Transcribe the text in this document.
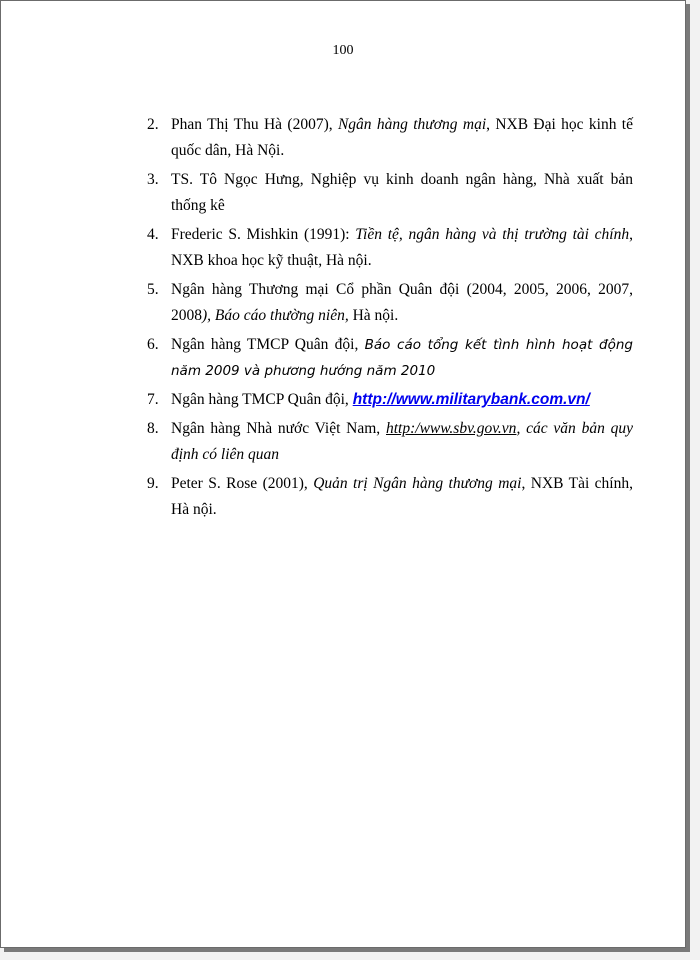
100
2. Phan Thị Thu Hà (2007), Ngân hàng thương mại, NXB Đại học kinh tế quốc dân, Hà Nội.
3. TS. Tô Ngọc Hưng, Nghiệp vụ kinh doanh ngân hàng, Nhà xuất bản thống kê
4. Frederic S. Mishkin (1991): Tiền tệ, ngân hàng và thị trường tài chính, NXB khoa học kỹ thuật, Hà nội.
5. Ngân hàng Thương mại Cổ phần Quân đội (2004, 2005, 2006, 2007, 2008), Báo cáo thường niên, Hà nội.
6. Ngân hàng TMCP Quân đội, Báo cáo tổng kết tình hình hoạt động năm 2009 và phương hướng năm 2010
7. Ngân hàng TMCP Quân đội, http://www.militarybank.com.vn/
8. Ngân hàng Nhà nước Việt Nam, http:/www.sbv.gov.vn, các văn bản quy định có liên quan
9. Peter S. Rose (2001), Quản trị Ngân hàng thương mại, NXB Tài chính, Hà nội.
